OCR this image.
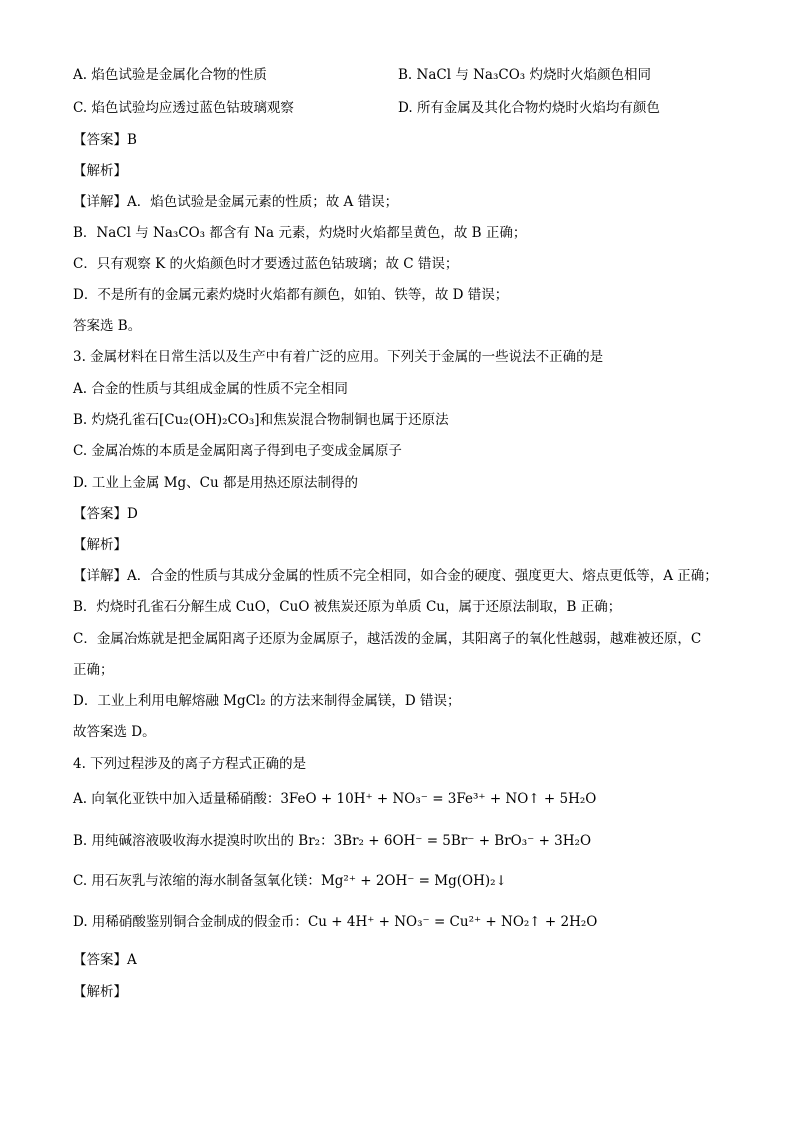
A. 焰色试验是金属化合物的性质	B. NaCl 与 Na₃CO₃ 灼烧时火焰颜色相同
C. 焰色试验均应透过蓝色钴玻璃观察	D. 所有金属及其化合物灼烧时火焰均有颜色
【答案】B
【解析】
【详解】A．焰色试验是金属元素的性质；故 A 错误；
B．NaCl 与 Na₃CO₃ 都含有 Na 元素，灼烧时火焰都呈黄色，故 B 正确；
C．只有观察 K 的火焰颜色时才要透过蓝色钴玻璃；故 C 错误；
D．不是所有的金属元素灼烧时火焰都有颜色，如铂、铁等，故 D 错误；
答案选 B。
3. 金属材料在日常生活以及生产中有着广泛的应用。下列关于金属的一些说法不正确的是
A. 合金的性质与其组成金属的性质不完全相同
B. 灼烧孔雀石[Cu₂(OH)₂CO₃]和焦炭混合物制铜也属于还原法
C. 金属冶炼的本质是金属阳离子得到电子变成金属原子
D. 工业上金属 Mg、Cu 都是用热还原法制得的
【答案】D
【解析】
【详解】A．合金的性质与其成分金属的性质不完全相同，如合金的硬度、强度更大、熔点更低等，A 正确；
B．灼烧时孔雀石分解生成 CuO，CuO 被焦炭还原为单质 Cu，属于还原法制取，B 正确；
C．金属冶炼就是把金属阳离子还原为金属原子，越活泼的金属，其阳离子的氧化性越弱，越难被还原，C
正确；
D．工业上利用电解熔融 MgCl₂ 的方法来制得金属镁，D 错误；
故答案选 D。
4. 下列过程涉及的离子方程式正确的是
A. 向氧化亚铁中加入适量稀硝酸：3FeO + 10H⁺ + NO₃⁻ = 3Fe³⁺ + NO↑ + 5H₂O
B. 用纯碱溶液吸收海水提溴时吹出的 Br₂：3Br₂ + 6OH⁻ = 5Br⁻ + BrO₃⁻ + 3H₂O
C. 用石灰乳与浓缩的海水制备氢氧化镁：Mg²⁺ + 2OH⁻ = Mg(OH)₂↓
D. 用稀硝酸鉴别铜合金制成的假金币：Cu + 4H⁺ + NO₃⁻ = Cu²⁺ + NO₂↑ + 2H₂O
【答案】A
【解析】
